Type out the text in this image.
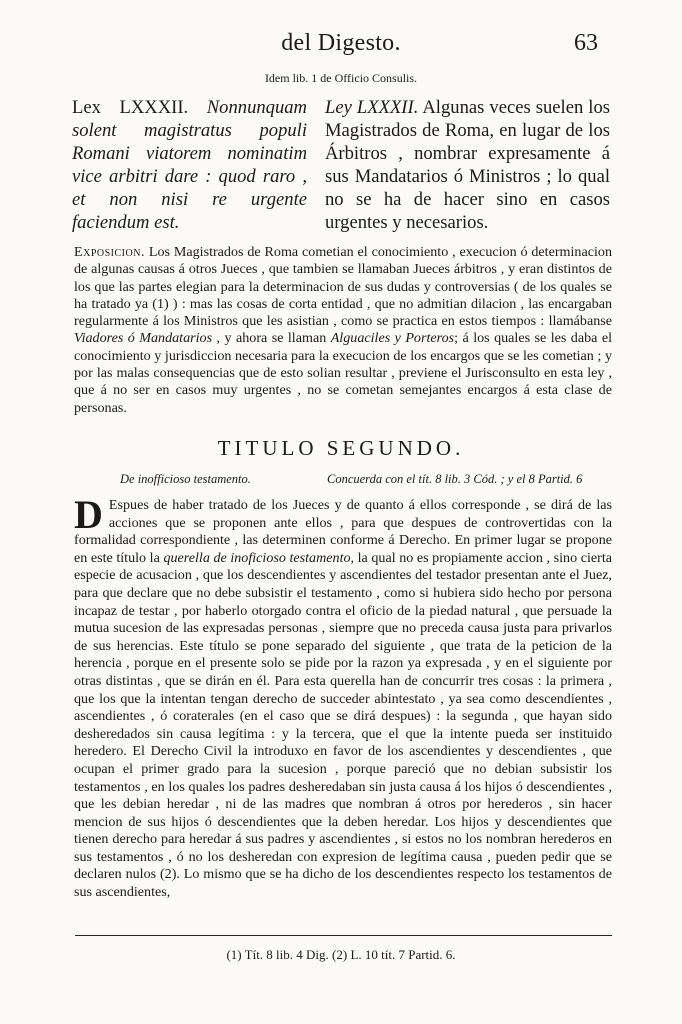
del Digesto.	63
Idem lib. 1 de Officio Consulis.
Lex LXXXII. Nonnunquam solent magistratus populi Romani viatorem nominatim vice arbitri dare : quod raro , et non nisi re urgente faciendum est.
Ley LXXXII. Algunas veces suelen los Magistrados de Roma, en lugar de los Árbitros , nombrar expresamente á sus Mandatarios ó Ministros ; lo qual no se ha de hacer sino en casos urgentes y necesarios.
Exposicion. Los Magistrados de Roma cometian el conocimiento , execucion ó determinacion de algunas causas á otros Jueces , que tambien se llamaban Jueces árbitros , y eran distintos de los que las partes elegian para la determinacion de sus dudas y controversias ( de los quales se ha tratado ya (1) ) : mas las cosas de corta entidad , que no admitian dilacion , las encargaban regularmente á los Ministros que les asistian , como se practica en estos tiempos : llamábanse Viadores ó Mandatarios , y ahora se llaman Alguaciles y Porteros; á los quales se les daba el conocimiento y jurisdiccion necesaria para la execucion de los encargos que se les cometian ; y por las malas consequencias que de esto solian resultar , previene el Jurisconsulto en esta ley , que á no ser en casos muy urgentes , no se cometan semejantes encargos á esta clase de personas.
TITULO SEGUNDO.
De inofficioso testamento.	Concuerda con el tít. 8 lib. 3 Cód. ; y el 8 Partid. 6
D Espues de haber tratado de los Jueces y de quanto á ellos corresponde , se dirá de las acciones que se proponen ante ellos , para que despues de controvertidas con la formalidad correspondiente , las determinen conforme á Derecho. En primer lugar se propone en este título la querella de inoficioso testamento, la qual no es propiamente accion , sino cierta especie de acusacion , que los descendientes y ascendientes del testador presentan ante el Juez, para que declare que no debe subsistir el testamento , como si hubiera sido hecho por persona incapaz de testar , por haberlo otorgado contra el oficio de la piedad natural , que persuade la mutua sucesion de las expresadas personas , siempre que no preceda causa justa para privarlos de sus herencias. Este título se pone separado del siguiente , que trata de la peticion de la herencia , porque en el presente solo se pide por la razon ya expresada , y en el siguiente por otras distintas , que se dirán en él. Para esta querella han de concurrir tres cosas : la primera , que los que la intentan tengan derecho de succeder abintestato , ya sea como descendientes , ascendientes , ó coraterales (en el caso que se dirá despues) : la segunda , que hayan sido desheredados sin causa legítima : y la tercera, que el que la intente pueda ser instituido heredero. El Derecho Civil la introduxo en favor de los ascendientes y descendientes , que ocupan el primer grado para la sucesion , porque pareció que no debian subsistir los testamentos , en los quales los padres desheredaban sin justa causa á los hijos ó descendientes , que les debian heredar , ni de las madres que nombran á otros por herederos , sin hacer mencion de sus hijos ó descendientes que la deben heredar. Los hijos y descendientes que tienen derecho para heredar á sus padres y ascendientes , si estos no los nombran herederos en sus testamentos , ó no los desheredan con expresion de legítima causa , pueden pedir que se declaren nulos (2). Lo mismo que se ha dicho de los descendientes respecto los testamentos de sus ascendientes,
(1) Tít. 8 lib. 4 Dig. (2) L. 10 tít. 7 Partid. 6.
